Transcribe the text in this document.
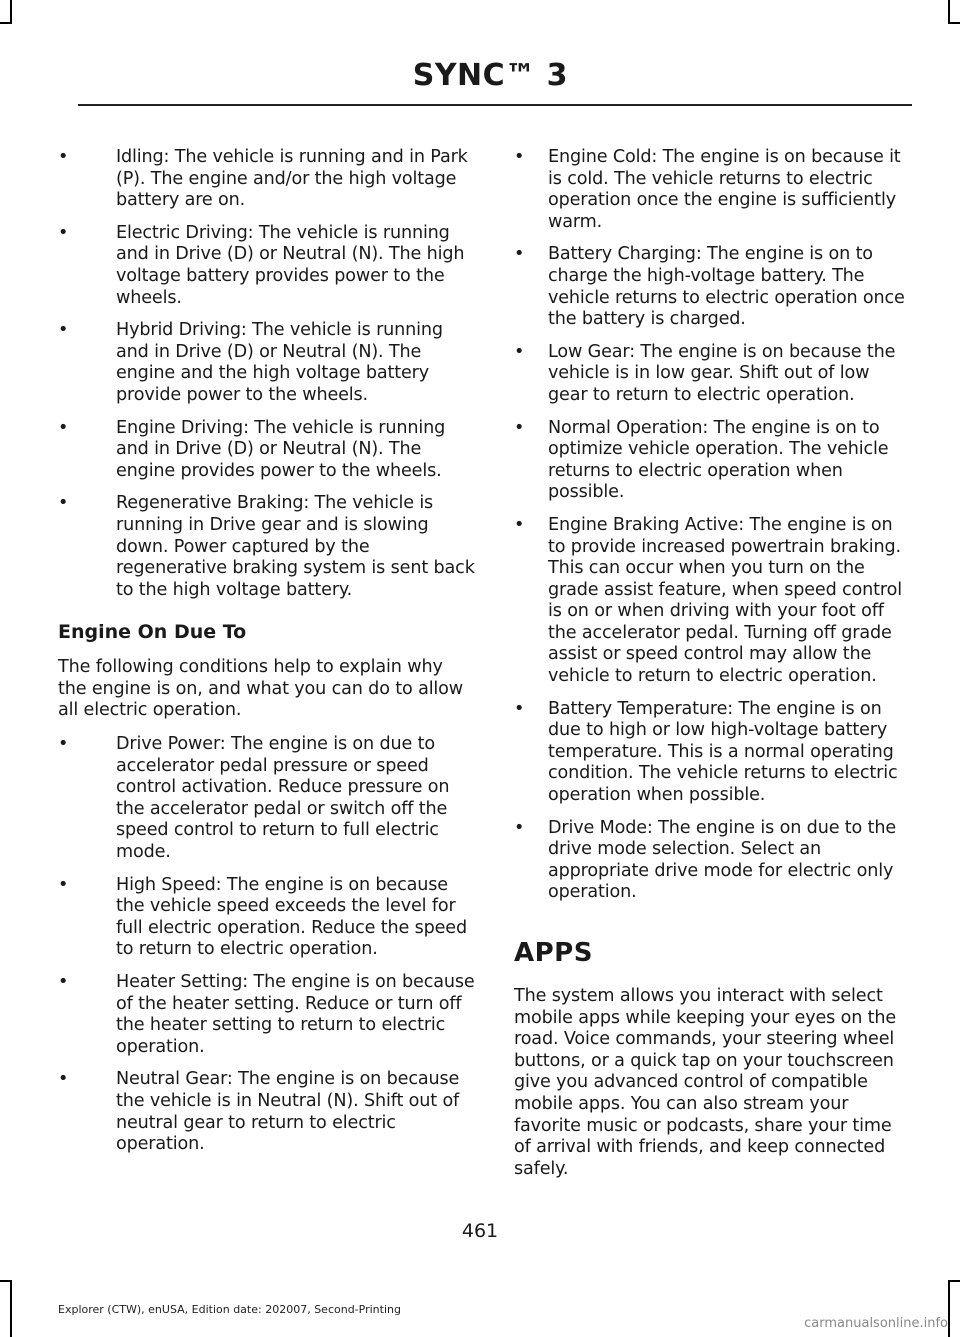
SYNC™ 3
•	Idling: The vehicle is running and in Park (P). The engine and/or the high voltage battery are on.
•	Electric Driving: The vehicle is running and in Drive (D) or Neutral (N). The high voltage battery provides power to the wheels.
•	Hybrid Driving: The vehicle is running and in Drive (D) or Neutral (N). The engine and the high voltage battery provide power to the wheels.
•	Engine Driving: The vehicle is running and in Drive (D) or Neutral (N). The engine provides power to the wheels.
•	Regenerative Braking: The vehicle is running in Drive gear and is slowing down. Power captured by the regenerative braking system is sent back to the high voltage battery.
Engine On Due To

The following conditions help to explain why the engine is on, and what you can do to allow all electric operation.

•	Drive Power: The engine is on due to accelerator pedal pressure or speed control activation. Reduce pressure on the accelerator pedal or switch off the speed control to return to full electric mode.
•	High Speed: The engine is on because the vehicle speed exceeds the level for full electric operation. Reduce the speed to return to electric operation.
•	Heater Setting: The engine is on because of the heater setting. Reduce or turn off the heater setting to return to electric operation.
•	Neutral Gear: The engine is on because the vehicle is in Neutral (N). Shift out of neutral gear to return to electric operation.
• Engine Cold: The engine is on because it is cold. The vehicle returns to electric operation once the engine is sufficiently warm.
• Battery Charging: The engine is on to charge the high-voltage battery. The vehicle returns to electric operation once the battery is charged.
• Low Gear: The engine is on because the vehicle is in low gear. Shift out of low gear to return to electric operation.
• Normal Operation: The engine is on to optimize vehicle operation. The vehicle returns to electric operation when possible.
• Engine Braking Active: The engine is on to provide increased powertrain braking. This can occur when you turn on the grade assist feature, when speed control is on or when driving with your foot off the accelerator pedal. Turning off grade assist or speed control may allow the vehicle to return to electric operation.
• Battery Temperature: The engine is on due to high or low high-voltage battery temperature. This is a normal operating condition. The vehicle returns to electric operation when possible.
• Drive Mode: The engine is on due to the drive mode selection. Select an appropriate drive mode for electric only operation.
APPS

The system allows you interact with select mobile apps while keeping your eyes on the road. Voice commands, your steering wheel buttons, or a quick tap on your touchscreen give you advanced control of compatible mobile apps. You can also stream your favorite music or podcasts, share your time of arrival with friends, and keep connected safely.

461
Explorer (CTW), enUSA, Edition date: 202007, Second-Printing
carmanualsonline.info
